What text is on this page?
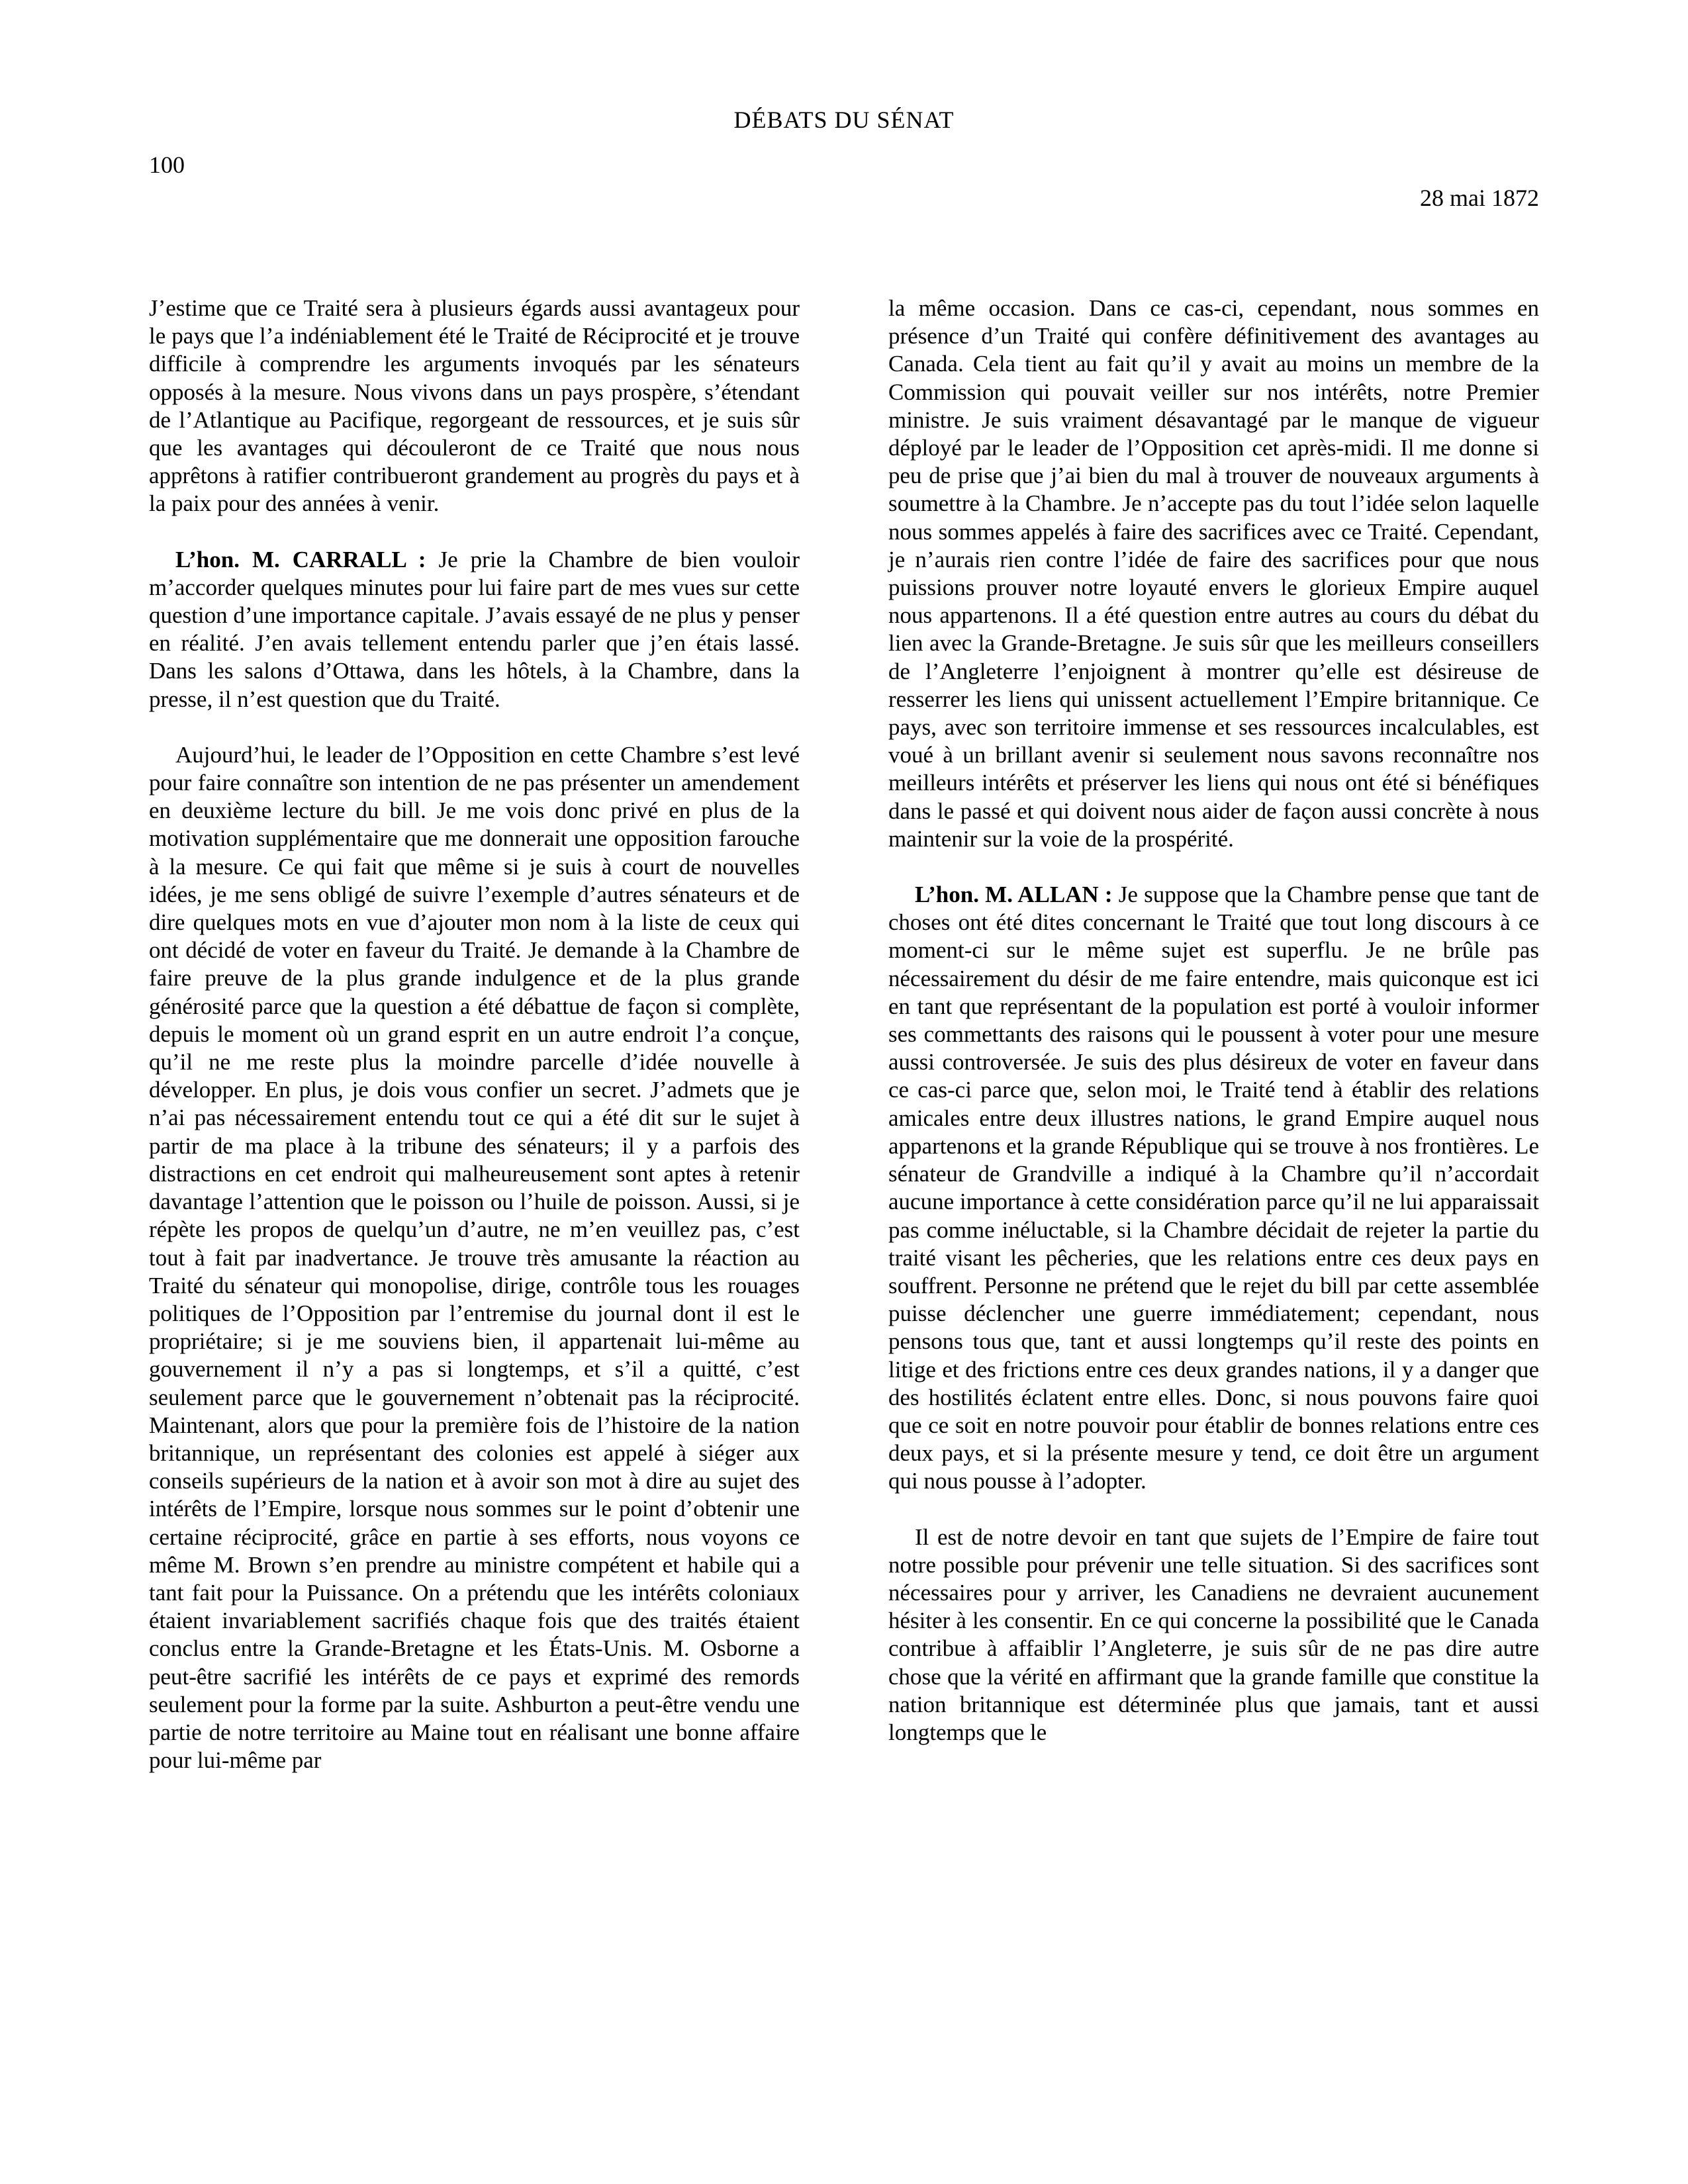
DÉBATS DU SÉNAT
100
28 mai 1872

J’estime que ce Traité sera à plusieurs égards aussi avantageux pour le pays que l’a indéniablement été le Traité de Réciprocité et je trouve difficile à comprendre les arguments invoqués par les sénateurs opposés à la mesure. Nous vivons dans un pays prospère, s’étendant de l’Atlantique au Pacifique, regorgeant de ressources, et je suis sûr que les avantages qui découleront de ce Traité que nous nous apprêtons à ratifier contribueront grandement au progrès du pays et à la paix pour des années à venir.

L’hon. M. CARRALL : Je prie la Chambre de bien vouloir m’accorder quelques minutes pour lui faire part de mes vues sur cette question d’une importance capitale. J’avais essayé de ne plus y penser en réalité. J’en avais tellement entendu parler que j’en étais lassé. Dans les salons d’Ottawa, dans les hôtels, à la Chambre, dans la presse, il n’est question que du Traité.

Aujourd’hui, le leader de l’Opposition en cette Chambre s’est levé pour faire connaître son intention de ne pas présenter un amendement en deuxième lecture du bill. Je me vois donc privé en plus de la motivation supplémentaire que me donnerait une opposition farouche à la mesure. Ce qui fait que même si je suis à court de nouvelles idées, je me sens obligé de suivre l’exemple d’autres sénateurs et de dire quelques mots en vue d’ajouter mon nom à la liste de ceux qui ont décidé de voter en faveur du Traité. Je demande à la Chambre de faire preuve de la plus grande indulgence et de la plus grande générosité parce que la question a été débattue de façon si complète, depuis le moment où un grand esprit en un autre endroit l’a conçue, qu’il ne me reste plus la moindre parcelle d’idée nouvelle à développer. En plus, je dois vous confier un secret. J’admets que je n’ai pas nécessairement entendu tout ce qui a été dit sur le sujet à partir de ma place à la tribune des sénateurs; il y a parfois des distractions en cet endroit qui malheureusement sont aptes à retenir davantage l’attention que le poisson ou l’huile de poisson. Aussi, si je répète les propos de quelqu’un d’autre, ne m’en veuillez pas, c’est tout à fait par inadvertance. Je trouve très amusante la réaction au Traité du sénateur qui monopolise, dirige, contrôle tous les rouages politiques de l’Opposition par l’entremise du journal dont il est le propriétaire; si je me souviens bien, il appartenait lui-même au gouvernement il n’y a pas si longtemps, et s’il a quitté, c’est seulement parce que le gouvernement n’obtenait pas la réciprocité. Maintenant, alors que pour la première fois de l’histoire de la nation britannique, un représentant des colonies est appelé à siéger aux conseils supérieurs de la nation et à avoir son mot à dire au sujet des intérêts de l’Empire, lorsque nous sommes sur le point d’obtenir une certaine réciprocité, grâce en partie à ses efforts, nous voyons ce même M. Brown s’en prendre au ministre compétent et habile qui a tant fait pour la Puissance. On a prétendu que les intérêts coloniaux étaient invariablement sacrifiés chaque fois que des traités étaient conclus entre la Grande-Bretagne et les États-Unis. M. Osborne a peut-être sacrifié les intérêts de ce pays et exprimé des remords seulement pour la forme par la suite. Ashburton a peut-être vendu une partie de notre territoire au Maine tout en réalisant une bonne affaire pour lui-même par

la même occasion. Dans ce cas-ci, cependant, nous sommes en présence d’un Traité qui confère définitivement des avantages au Canada. Cela tient au fait qu’il y avait au moins un membre de la Commission qui pouvait veiller sur nos intérêts, notre Premier ministre. Je suis vraiment désavantagé par le manque de vigueur déployé par le leader de l’Opposition cet après-midi. Il me donne si peu de prise que j’ai bien du mal à trouver de nouveaux arguments à soumettre à la Chambre. Je n’accepte pas du tout l’idée selon laquelle nous sommes appelés à faire des sacrifices avec ce Traité. Cependant, je n’aurais rien contre l’idée de faire des sacrifices pour que nous puissions prouver notre loyauté envers le glorieux Empire auquel nous appartenons. Il a été question entre autres au cours du débat du lien avec la Grande-Bretagne. Je suis sûr que les meilleurs conseillers de l’Angleterre l’enjoignent à montrer qu’elle est désireuse de resserrer les liens qui unissent actuellement l’Empire britannique. Ce pays, avec son territoire immense et ses ressources incalculables, est voué à un brillant avenir si seulement nous savons reconnaître nos meilleurs intérêts et préserver les liens qui nous ont été si bénéfiques dans le passé et qui doivent nous aider de façon aussi concrète à nous maintenir sur la voie de la prospérité.

L’hon. M. ALLAN : Je suppose que la Chambre pense que tant de choses ont été dites concernant le Traité que tout long discours à ce moment-ci sur le même sujet est superflu. Je ne brûle pas nécessairement du désir de me faire entendre, mais quiconque est ici en tant que représentant de la population est porté à vouloir informer ses commettants des raisons qui le poussent à voter pour une mesure aussi controversée. Je suis des plus désireux de voter en faveur dans ce cas-ci parce que, selon moi, le Traité tend à établir des relations amicales entre deux illustres nations, le grand Empire auquel nous appartenons et la grande République qui se trouve à nos frontières. Le sénateur de Grandville a indiqué à la Chambre qu’il n’accordait aucune importance à cette considération parce qu’il ne lui apparaissait pas comme inéluctable, si la Chambre décidait de rejeter la partie du traité visant les pêcheries, que les relations entre ces deux pays en souffrent. Personne ne prétend que le rejet du bill par cette assemblée puisse déclencher une guerre immédiatement; cependant, nous pensons tous que, tant et aussi longtemps qu’il reste des points en litige et des frictions entre ces deux grandes nations, il y a danger que des hostilités éclatent entre elles. Donc, si nous pouvons faire quoi que ce soit en notre pouvoir pour établir de bonnes relations entre ces deux pays, et si la présente mesure y tend, ce doit être un argument qui nous pousse à l’adopter.

Il est de notre devoir en tant que sujets de l’Empire de faire tout notre possible pour prévenir une telle situation. Si des sacrifices sont nécessaires pour y arriver, les Canadiens ne devraient aucunement hésiter à les consentir. En ce qui concerne la possibilité que le Canada contribue à affaiblir l’Angleterre, je suis sûr de ne pas dire autre chose que la vérité en affirmant que la grande famille que constitue la nation britannique est déterminée plus que jamais, tant et aussi longtemps que le
